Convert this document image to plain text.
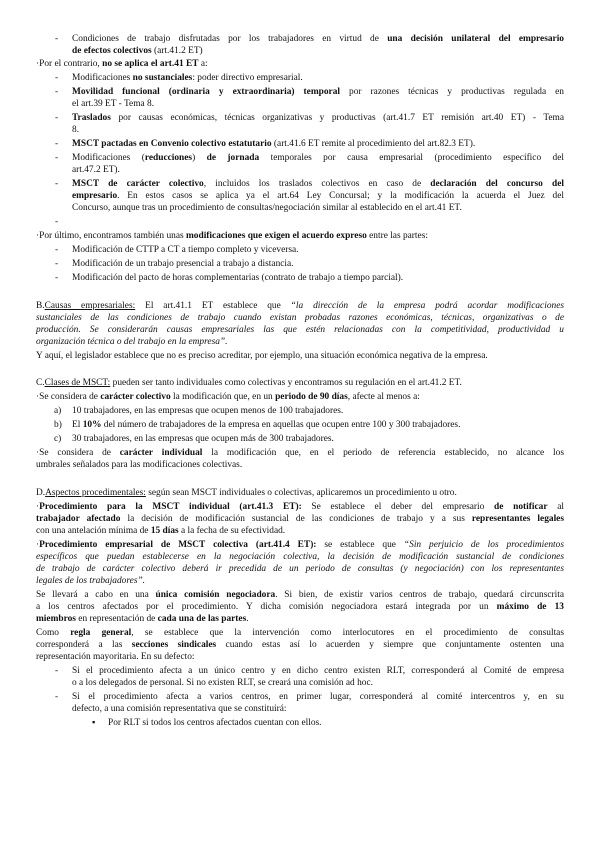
- Condiciones de trabajo disfrutadas por los trabajadores en virtud de una decisión unilateral del empresario
de efectos colectivos (art.41.2 ET)
·Por el contrario, no se aplica el art.41 ET a:
- Modificaciones no sustanciales: poder directivo empresarial.
- Movilidad funcional (ordinaria y extraordinaria) temporal por razones técnicas y productivas regulada en
el art.39 ET - Tema 8.
- Traslados por causas económicas, técnicas organizativas y productivas (art.41.7 ET remisión art.40 ET) - Tema
8.
- MSCT pactadas en Convenio colectivo estatutario (art.41.6 ET remite al procedimiento del art.82.3 ET).
- Modificaciones (reducciones) de jornada temporales por causa empresarial (procedimiento específico del
art.47.2 ET).
- MSCT de carácter colectivo, incluidos los traslados colectivos en caso de declaración del concurso del
empresario. En estos casos se aplica ya el art.64 Ley Concursal; y la modificación la acuerda el Juez del
Concurso, aunque tras un procedimiento de consultas/negociación similar al establecido en el art.41 ET.
-
·Por último, encontramos también unas modificaciones que exigen el acuerdo expreso entre las partes:
- Modificación de CTTP a CT a tiempo completo y viceversa.
- Modificación de un trabajo presencial a trabajo a distancia.
- Modificación del pacto de horas complementarias (contrato de trabajo a tiempo parcial).
B.Causas empresariales: El art.41.1 ET establece que “la dirección de la empresa podrá acordar modificaciones
sustanciales de las condiciones de trabajo cuando existan probadas razones económicas, técnicas, organizativas o de
producción. Se considerarán causas empresariales las que estén relacionadas con la competitividad, productividad u
organización técnica o del trabajo en la empresa”.
Y aquí, el legislador establece que no es preciso acreditar, por ejemplo, una situación económica negativa de la empresa.
C.Clases de MSCT: pueden ser tanto individuales como colectivas y encontramos su regulación en el art.41.2 ET.
·Se considera de carácter colectivo la modificación que, en un periodo de 90 días, afecte al menos a:
a) 10 trabajadores, en las empresas que ocupen menos de 100 trabajadores.
b) El 10% del número de trabajadores de la empresa en aquellas que ocupen entre 100 y 300 trabajadores.
c) 30 trabajadores, en las empresas que ocupen más de 300 trabajadores.
·Se considera de carácter individual la modificación que, en el periodo de referencia establecido, no alcance los
umbrales señalados para las modificaciones colectivas.
D.Aspectos procedimentales: según sean MSCT individuales o colectivas, aplicaremos un procedimiento u otro.
·Procedimiento para la MSCT individual (art.41.3 ET): Se establece el deber del empresario de notificar al
trabajador afectado la decisión de modificación sustancial de las condiciones de trabajo y a sus representantes legales
con una antelación mínima de 15 días a la fecha de su efectividad.
·Procedimiento empresarial de MSCT colectiva (art.41.4 ET): se establece que “Sin perjuicio de los procedimientos
específicos que puedan establecerse en la negociación colectiva, la decisión de modificación sustancial de condiciones
de trabajo de carácter colectivo deberá ir precedida de un periodo de consultas (y negociación) con los representantes
legales de los trabajadores”.
Se llevará a cabo en una única comisión negociadora. Si bien, de existir varios centros de trabajo, quedará circunscrita
a los centros afectados por el procedimiento. Y dicha comisión negociadora estará integrada por un máximo de 13
miembros en representación de cada una de las partes.
Como regla general, se establece que la intervención como interlocutores en el procedimiento de consultas
corresponderá a las secciones sindicales cuando estas así lo acuerden y siempre que conjuntamente ostenten una
representación mayoritaria. En su defecto:
- Si el procedimiento afecta a un único centro y en dicho centro existen RLT, corresponderá al Comité de empresa
o a los delegados de personal. Si no existen RLT, se creará una comisión ad hoc.
- Si el procedimiento afecta a varios centros, en primer lugar, corresponderá al comité intercentros y, en su
defecto, a una comisión representativa que se constituirá:
▪ Por RLT si todos los centros afectados cuentan con ellos.
